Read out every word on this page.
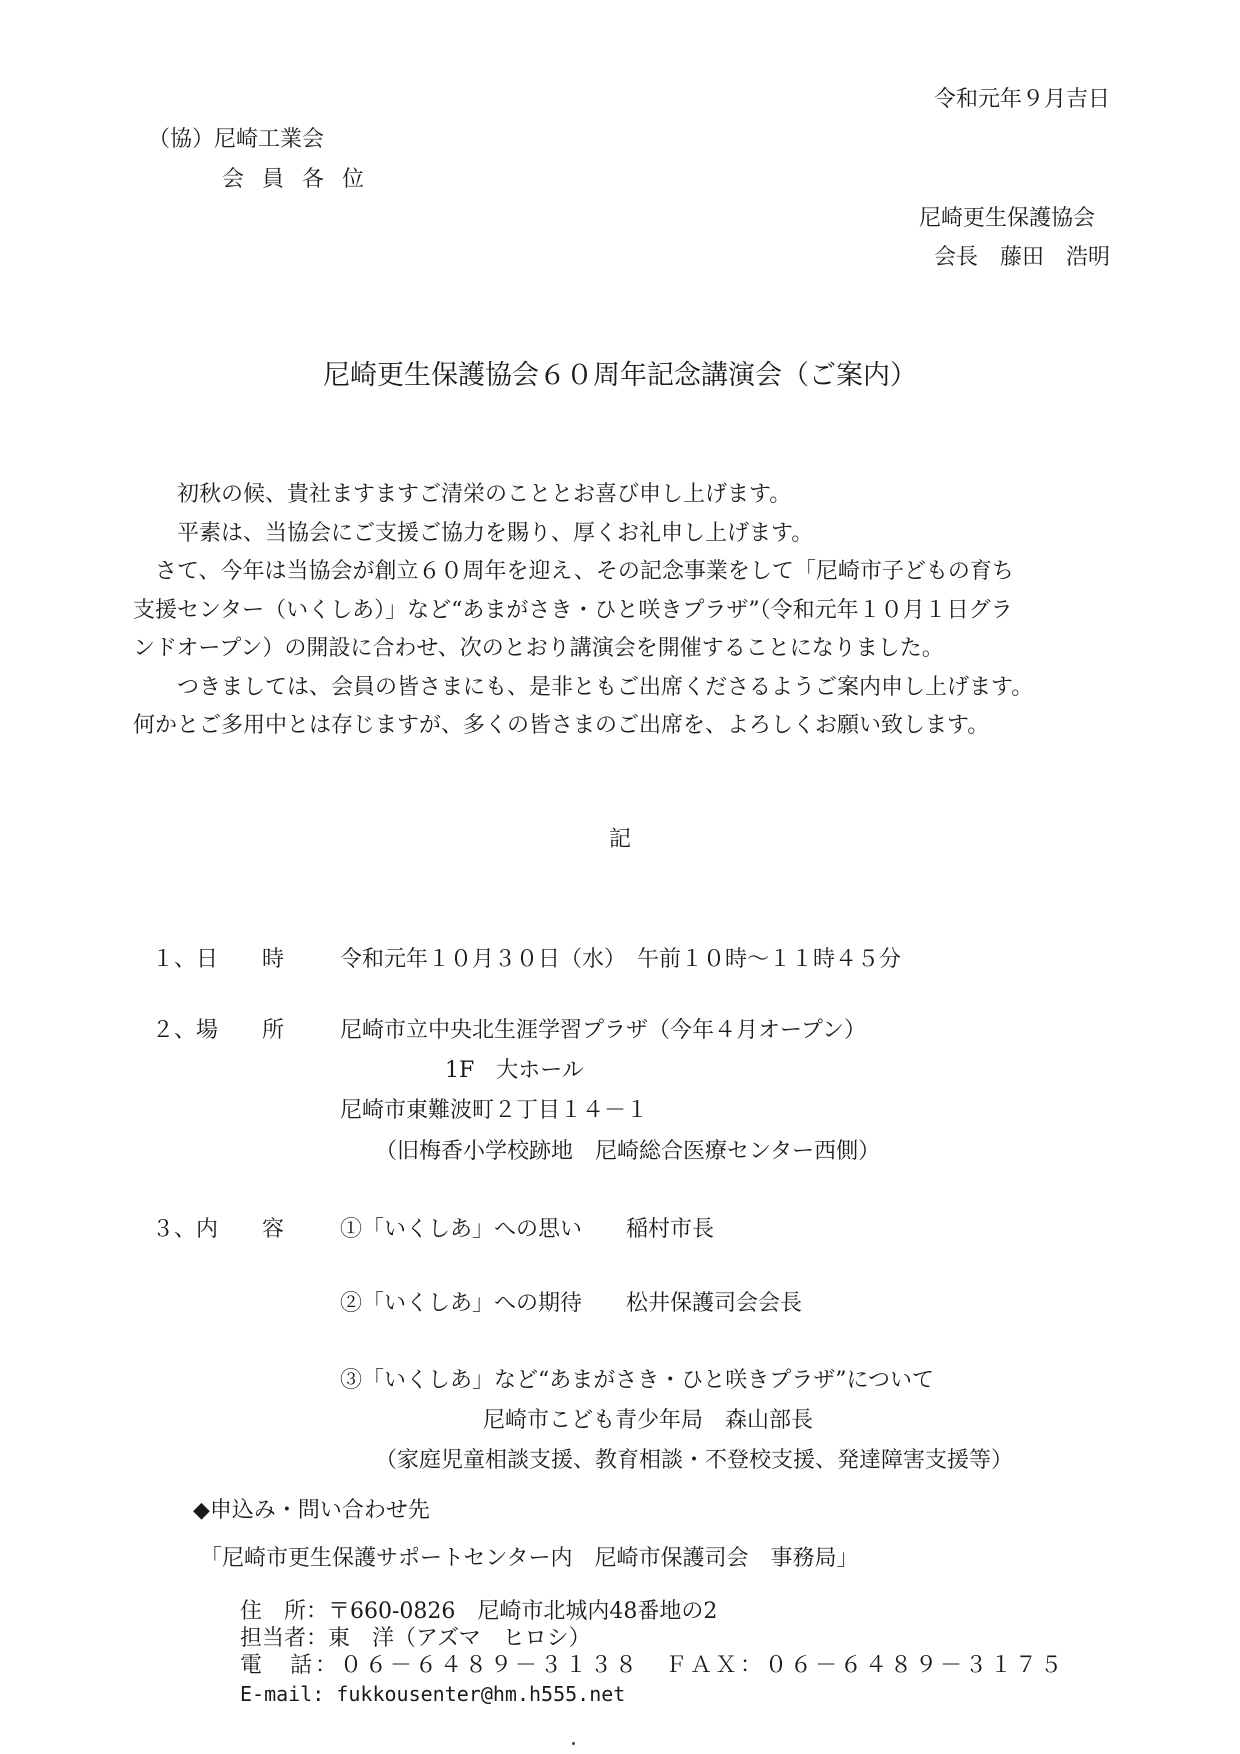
令和元年９月吉日
（協）尼崎工業会
会員各位
尼崎更生保護協会
会長　藤田　浩明
尼崎更生保護協会６０周年記念講演会（ご案内）

初秋の候、貴社ますますご清栄のこととお喜び申し上げます。

平素は、当協会にご支援ご協力を賜り、厚くお礼申し上げます。

さて、今年は当協会が創立６０周年を迎え、その記念事業をして「尼崎市子どもの育ち

支援センター（いくしあ）」など“あまがさき・ひと咲きプラザ”（令和元年１０月１日グラ

ンドオープン）の開設に合わせ、次のとおり講演会を開催することになりました。

つきましては、会員の皆さまにも、是非ともご出席くださるようご案内申し上げます。

何かとご多用中とは存じますが、多くの皆さまのご出席を、よろしくお願い致します。

記
１、日　　時	令和元年１０月３０日（水）　午前１０時～１１時４５分
２、場　　所	尼崎市立中央北生涯学習プラザ（今年４月オープン）
1F　大ホール
尼崎市東難波町２丁目１４－１
（旧梅香小学校跡地　尼崎総合医療センター西側）
３、内　　容	①「いくしあ」への思い　　稲村市長
②「いくしあ」への期待　　松井保護司会会長
③「いくしあ」など“あまがさき・ひと咲きプラザ”について
尼崎市こども青少年局　森山部長
（家庭児童相談支援、教育相談・不登校支援、発達障害支援等）
◆申込み・問い合わせ先
「尼崎市更生保護サポートセンター内　尼崎市保護司会　事務局」
住　所：〒660-0826　尼崎市北城内48番地の2
担当者：東　洋（アズマ　ヒロシ）
電　話：０６－６４８９－３１３８　ＦＡＸ：０６－６４８９－３１７５
E-mail: fukkousenter@hm.h555.net
